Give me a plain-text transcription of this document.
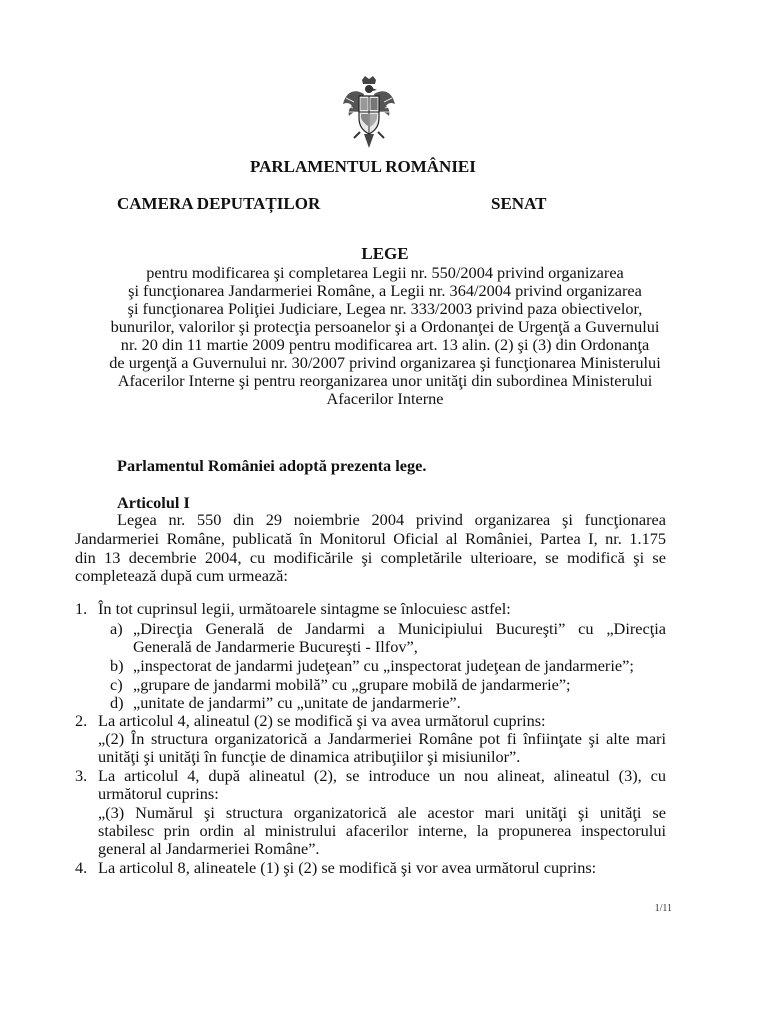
PARLAMENTUL ROMÂNIEI
CAMERA DEPUTAȚILOR	SENAT
LEGE
pentru modificarea şi completarea Legii nr. 550/2004 privind organizarea
şi funcţionarea Jandarmeriei Române, a Legii nr. 364/2004 privind organizarea
şi funcţionarea Poliţiei Judiciare, Legea nr. 333/2003 privind paza obiectivelor,
bunurilor, valorilor şi protecţia persoanelor şi a Ordonanţei de Urgenţă a Guvernului
nr. 20 din 11 martie 2009 pentru modificarea art. 13 alin. (2) şi (3) din Ordonanţa
de urgenţă a Guvernului nr. 30/2007 privind organizarea şi funcţionarea Ministerului
Afacerilor Interne şi pentru reorganizarea unor unităţi din subordinea Ministerului
Afacerilor Interne
Parlamentul României adoptă prezenta lege.
Articolul I
Legea nr. 550 din 29 noiembrie 2004 privind organizarea şi funcţionarea
Jandarmeriei Române, publicată în Monitorul Oficial al României, Partea I, nr. 1.175
din 13 decembrie 2004, cu modificările şi completările ulterioare, se modifică şi se
completează după cum urmează:
1. În tot cuprinsul legii, următoarele sintagme se înlocuiesc astfel:
a) „Direcţia Generală de Jandarmi a Municipiului Bucureşti” cu „Direcţia
Generală de Jandarmerie Bucureşti - Ilfov”,
b) „inspectorat de jandarmi judeţean” cu „inspectorat judeţean de jandarmerie”;
c) „grupare de jandarmi mobilă” cu „grupare mobilă de jandarmerie”;
d) „unitate de jandarmi” cu „unitate de jandarmerie”.
2. La articolul 4, alineatul (2) se modifică şi va avea următorul cuprins:
„(2) În structura organizatorică a Jandarmeriei Române pot fi înfiinţate şi alte mari
unităţi şi unităţi în funcţie de dinamica atribuţiilor şi misiunilor”.
3. La articolul 4, după alineatul (2), se introduce un nou alineat, alineatul (3), cu
următorul cuprins:
„(3) Numărul şi structura organizatorică ale acestor mari unităţi şi unităţi se
stabilesc prin ordin al ministrului afacerilor interne, la propunerea inspectorului
general al Jandarmeriei Române”.
4. La articolul 8, alineatele (1) şi (2) se modifică şi vor avea următorul cuprins:
1/11
